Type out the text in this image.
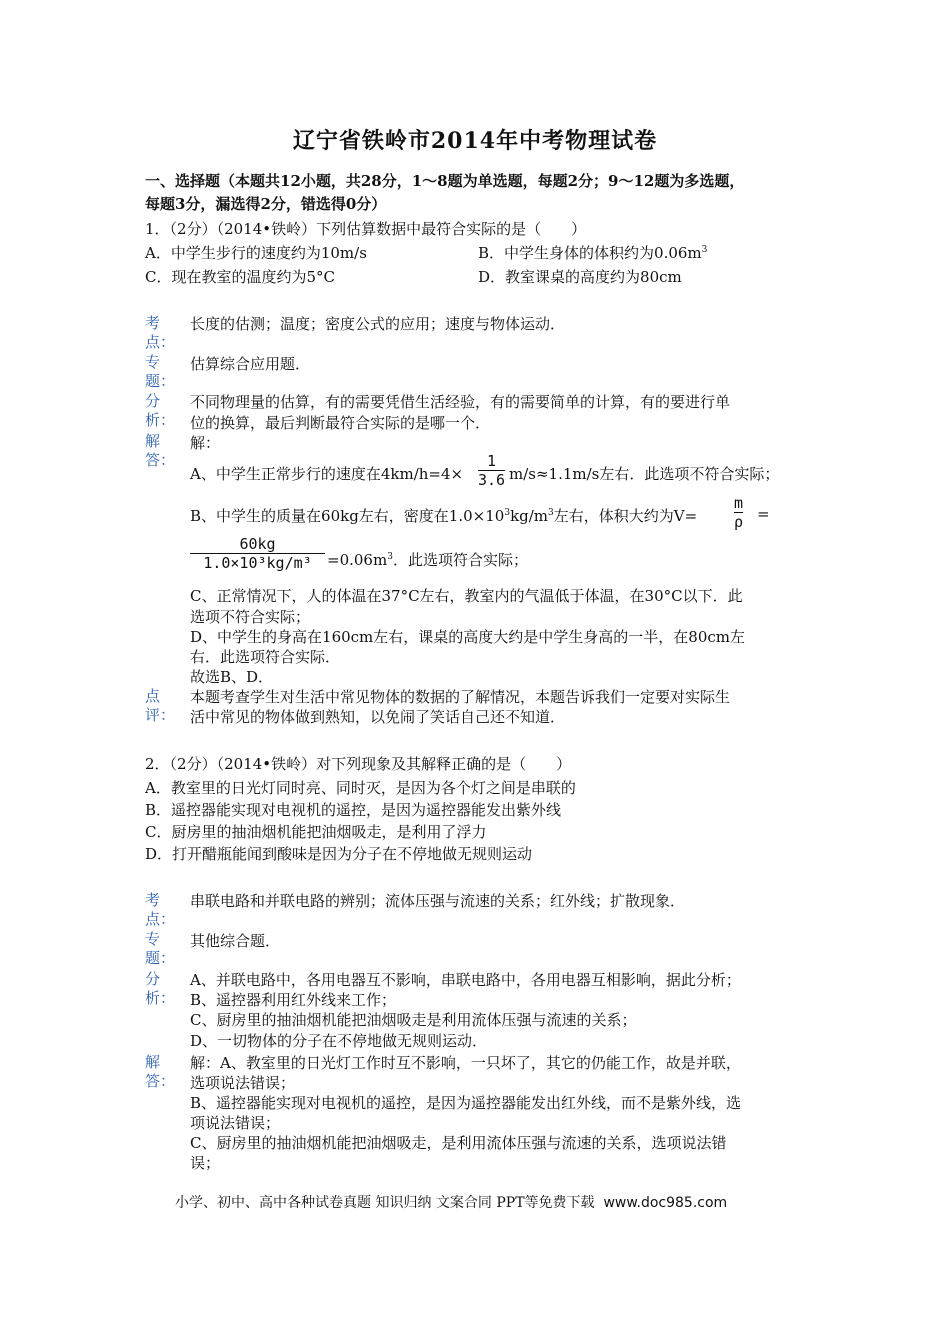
辽宁省铁岭市2014年中考物理试卷
一、选择题（本题共12小题，共28分，1～8题为单选题，每题2分；9～12题为多选题，
每题3分，漏选得2分，错选得0分）
1．（2分）（2014•铁岭）下列估算数据中最符合实际的是（　　）
A．中学生步行的速度约为10m/s	B．中学生身体的体积约为$0.06m^3$
C．现在教室的温度约为5°C	D．教室课桌的高度约为80cm
考
点：
长度的估测；温度；密度公式的应用；速度与物体运动．
专
题：
估算综合应用题．
分
析：
不同物理量的估算，有的需要凭借生活经验，有的需要简单的计算，有的要进行单
位的换算，最后判断最符合实际的是哪一个．
解
答：
解：
A、中学生正常步行的速度在4km/h=4×
1
3.6 m/s≈1.1m/s左右．此选项不符合实际；
B、中学生的质量在60kg左右，密度在$1.0\times 10^3kg/m^3$左右，体积大约为V=
m
ρ =
60kg
$1.0\times 10^3kg/m^3 =0.06m^3$．此选项符合实际；
C、正常情况下，人的体温在37°C左右，教室内的气温低于体温，在30°C以下．此
选项不符合实际；
D、中学生的身高在160cm左右，课桌的高度大约是中学生身高的一半，在80cm左
右．此选项符合实际．
故选B、D．
点
评：
本题考查学生对生活中常见物体的数据的了解情况，本题告诉我们一定要对实际生
活中常见的物体做到熟知，以免闹了笑话自己还不知道．
2．（2分）（2014•铁岭）对下列现象及其解释正确的是（　　）
A．教室里的日光灯同时亮、同时灭，是因为各个灯之间是串联的
B．遥控器能实现对电视机的遥控，是因为遥控器能发出紫外线
C．厨房里的抽油烟机能把油烟吸走，是利用了浮力
D．打开醋瓶能闻到酸味是因为分子在不停地做无规则运动
考
点：
串联电路和并联电路的辨别；流体压强与流速的关系；红外线；扩散现象．
专
题：
其他综合题．
分
析：
A、并联电路中，各用电器互不影响，串联电路中，各用电器互相影响，据此分析；
B、遥控器利用红外线来工作；
C、厨房里的抽油烟机能把油烟吸走是利用流体压强与流速的关系；
D、一切物体的分子在不停地做无规则运动．
解
答：
解：A、教室里的日光灯工作时互不影响，一只坏了，其它的仍能工作，故是并联，
选项说法错误；
B、遥控器能实现对电视机的遥控，是因为遥控器能发出红外线，而不是紫外线，选
项说法错误；
C、厨房里的抽油烟机能把油烟吸走，是利用流体压强与流速的关系，选项说法错
误；
小学、初中、高中各种试卷真题 知识归纳 文案合同 PPT等免费下载 www.doc985.com
